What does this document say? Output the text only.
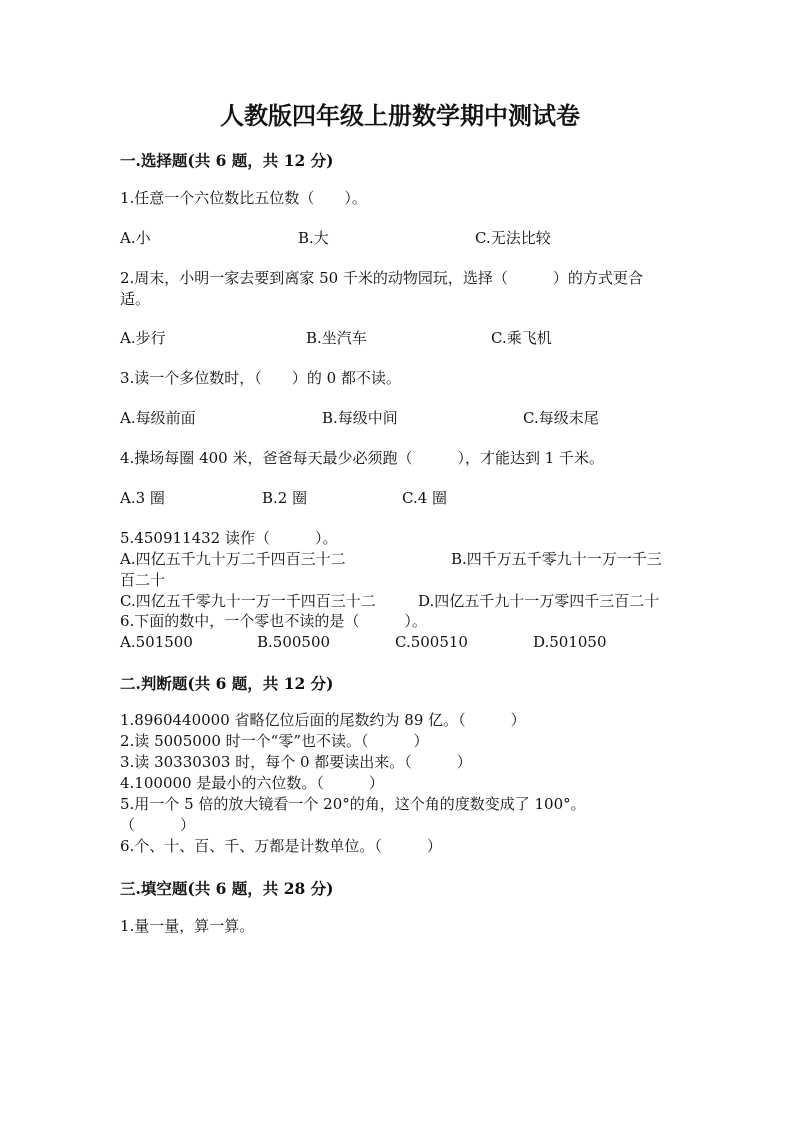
人教版四年级上册数学期中测试卷
一.选择题(共 6 题，共 12 分)
1.任意一个六位数比五位数（　　）。
A.小	B.大	C.无法比较
2.周末，小明一家去要到离家 50 千米的动物园玩，选择（　　　）的方式更合
适。
A.步行	B.坐汽车	C.乘飞机
3.读一个多位数时，（　　）的 0 都不读。
A.每级前面	B.每级中间	C.每级末尾
4.操场每圈 400 米，爸爸每天最少必须跑（　　　），才能达到 1 千米。
A.3 圈	B.2 圈	C.4 圈
5.450911432 读作（　　　）。
A.四亿五千九十万二千四百三十二	B.四千万五千零九十一万一千三
百二十
C.四亿五千零九十一万一千四百三十二	D.四亿五千九十一万零四千三百二十
6.下面的数中，一个零也不读的是（　　　）。
A.501500	B.500500	C.500510	D.501050
二.判断题(共 6 题，共 12 分)
1.8960440000 省略亿位后面的尾数约为 89 亿。（　　　）
2.读 5005000 时一个“零”也不读。（　　　）
3.读 30330303 时，每个 0 都要读出来。（　　　）
4.100000 是最小的六位数。（　　　）
5.用一个 5 倍的放大镜看一个 20°的角，这个角的度数变成了 100°。
（　　　）
6.个、十、百、千、万都是计数单位。（　　　）
三.填空题(共 6 题，共 28 分)
1.量一量，算一算。
